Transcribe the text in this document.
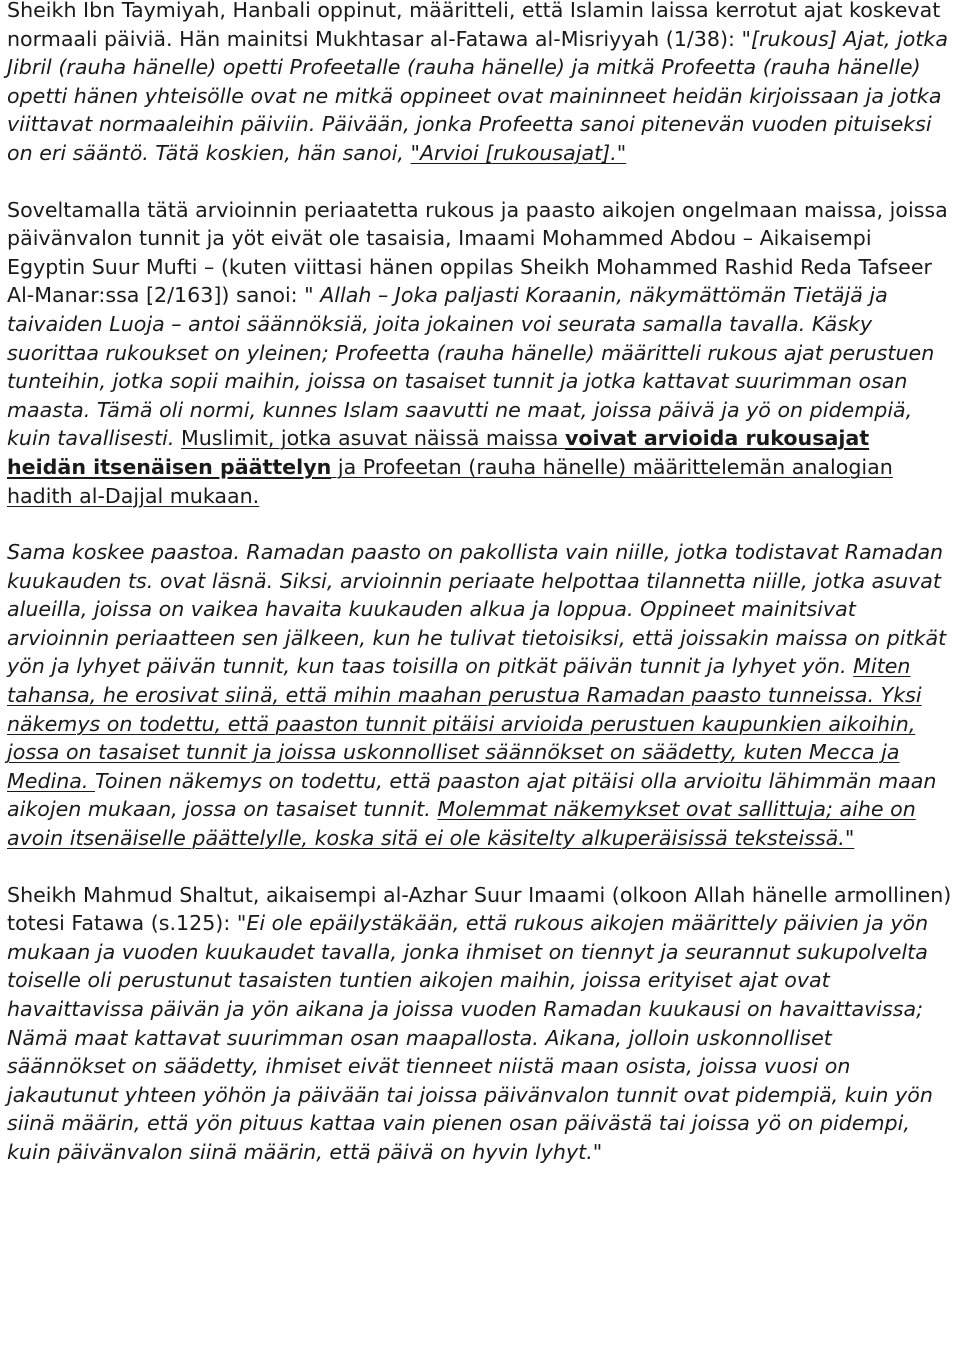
Sheikh Ibn Taymiyah, Hanbali oppinut, määritteli, että Islamin laissa kerrotut ajat koskevat normaali päiviä. Hän mainitsi Mukhtasar al-Fatawa al-Misriyyah (1/38): "[rukous] Ajat, jotka Jibril (rauha hänelle) opetti Profeetalle (rauha hänelle) ja mitkä Profeetta (rauha hänelle) opetti hänen yhteisölle ovat ne mitkä oppineet ovat maininneet heidän kirjoissaan ja jotka viittavat normaaleihin päiviin. Päivään, jonka Profeetta sanoi pitenevän vuoden pituiseksi on eri sääntö. Tätä koskien, hän sanoi, "Arvioi [rukousajat]."

Soveltamalla tätä arvioinnin periaatetta rukous ja paasto aikojen ongelmaan maissa, joissa päivänvalon tunnit ja yöt eivät ole tasaisia, Imaami Mohammed Abdou – Aikaisempi Egyptin Suur Mufti – (kuten viittasi hänen oppilas Sheikh Mohammed Rashid Reda Tafseer Al-Manar:ssa [2/163]) sanoi: " Allah – Joka paljasti Koraanin, näkymättömän Tietäjä ja taivaiden Luoja – antoi säännöksiä, joita jokainen voi seurata samalla tavalla. Käsky suorittaa rukoukset on yleinen; Profeetta (rauha hänelle) määritteli rukous ajat perustuen tunteihin, jotka sopii maihin, joissa on tasaiset tunnit ja jotka kattavat suurimman osan maasta. Tämä oli normi, kunnes Islam saavutti ne maat, joissa päivä ja yö on pidempiä, kuin tavallisesti. Muslimit, jotka asuvat näissä maissa voivat arvioida rukousajat heidän itsenäisen päättelyn ja Profeetan (rauha hänelle) määrittelemän analogian hadith al-Dajjal mukaan.

Sama koskee paastoa. Ramadan paasto on pakollista vain niille, jotka todistavat Ramadan kuukauden ts. ovat läsnä. Siksi, arvioinnin periaate helpottaa tilannetta niille, jotka asuvat alueilla, joissa on vaikea havaita kuukauden alkua ja loppua. Oppineet mainitsivat arvioinnin periaatteen sen jälkeen, kun he tulivat tietoisiksi, että joissakin maissa on pitkät yön ja lyhyet päivän tunnit, kun taas toisilla on pitkät päivän tunnit ja lyhyet yön. Miten tahansa, he erosivat siinä, että mihin maahan perustua Ramadan paasto tunneissa. Yksi näkemys on todettu, että paaston tunnit pitäisi arvioida perustuen kaupunkien aikoihin, jossa on tasaiset tunnit ja joissa uskonnolliset säännökset on säädetty, kuten Mecca ja Medina. Toinen näkemys on todettu, että paaston ajat pitäisi olla arvioitu lähimmän maan aikojen mukaan, jossa on tasaiset tunnit. Molemmat näkemykset ovat sallittuja; aihe on avoin itsenäiselle päättelylle, koska sitä ei ole käsitelty alkuperäisissä teksteissä."

Sheikh Mahmud Shaltut, aikaisempi al-Azhar Suur Imaami (olkoon Allah hänelle armollinen) totesi Fatawa (s.125): "Ei ole epäilystäkään, että rukous aikojen määrittely päivien ja yön mukaan ja vuoden kuukaudet tavalla, jonka ihmiset on tiennyt ja seurannut sukupolvelta toiselle oli perustunut tasaisten tuntien aikojen maihin, joissa erityiset ajat ovat havaittavissa päivän ja yön aikana ja joissa vuoden Ramadan kuukausi on havaittavissa; Nämä maat kattavat suurimman osan maapallosta. Aikana, jolloin uskonnolliset säännökset on säädetty, ihmiset eivät tienneet niistä maan osista, joissa vuosi on jakautunut yhteen yöhön ja päivään tai joissa päivänvalon tunnit ovat pidempiä, kuin yön siinä määrin, että yön pituus kattaa vain pienen osan päivästä tai joissa yö on pidempi, kuin päivänvalon siinä määrin, että päivä on hyvin lyhyt."
